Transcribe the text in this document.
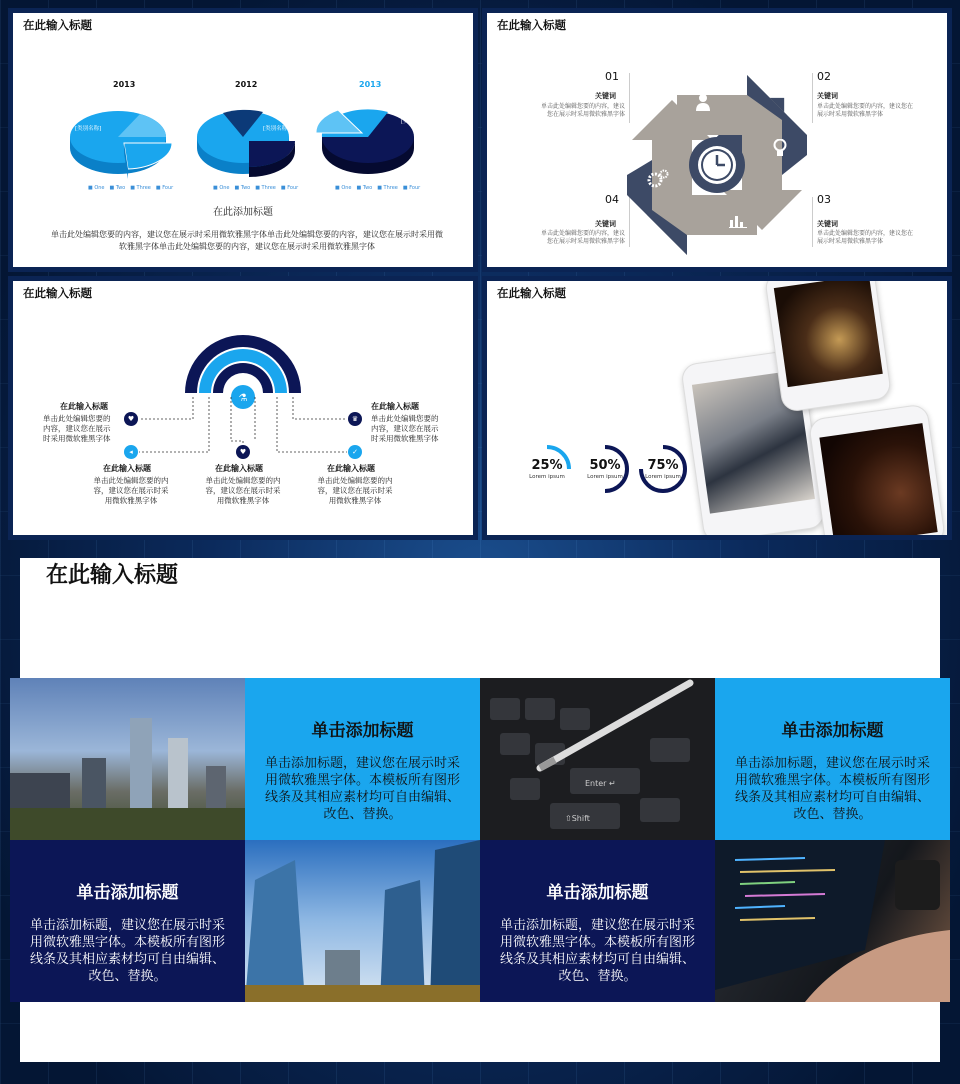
在此输入标题
2013
[类别名称]	[类别名称]
[类别名称]
■ One	■ Two	■ Three	■ Four
2012
[类别名称]	[类别名称]
[类别名称]
■ One	■ Two	■ Three	■ Four
2013
[类别名称]
[类别名称]
■ One	■ Two	■ Three	■ Four
在此添加标题
单击此处编辑您要的内容，建议您在展示时采用微软雅黑字体单击此处编辑您要的内容，建议您在展示时采用微软雅黑字体单击此处编辑您要的内容，建议您在展示时采用微软雅黑字体
在此输入标题
01
关键词
单击此处编辑您要的内容，建议您在展示时采用微软雅黑字体
02
关键词
单击此处编辑您要的内容，建议您在展示时采用微软雅黑字体
04
关键词
单击此处编辑您要的内容，建议您在展示时采用微软雅黑字体
03
关键词
单击此处编辑您要的内容，建议您在展示时采用微软雅黑字体
在此输入标题
⚗
♥
◂	♥
♛
✓
在此输入标题
单击此处编辑您要的内容，建议您在展示时采用微软雅黑字体
在此输入标题
单击此处编辑您要的内容，建议您在展示时采用微软雅黑字体
在此输入标题
单击此处编辑您要的内容，建议您在展示时采用微软雅黑字体
在此输入标题
单击此处编辑您要的内容，建议您在展示时采用微软雅黑字体
在此输入标题
单击此处编辑您要的内容，建议您在展示时采用微软雅黑字体
在此输入标题
25%
Lorem ipsum
50%
Lorem ipsum
75%
Lorem ipsum
在此输入标题
单击添加标题
单击添加标题，建议您在展示时采用微软雅黑字体。本模板所有图形线条及其相应素材均可自由编辑、改色、替换。
Enter ↵
⇧Shift
单击添加标题
单击添加标题，建议您在展示时采用微软雅黑字体。本模板所有图形线条及其相应素材均可自由编辑、改色、替换。
单击添加标题
单击添加标题，建议您在展示时采用微软雅黑字体。本模板所有图形线条及其相应素材均可自由编辑、改色、替换。
单击添加标题
单击添加标题，建议您在展示时采用微软雅黑字体。本模板所有图形线条及其相应素材均可自由编辑、改色、替换。
